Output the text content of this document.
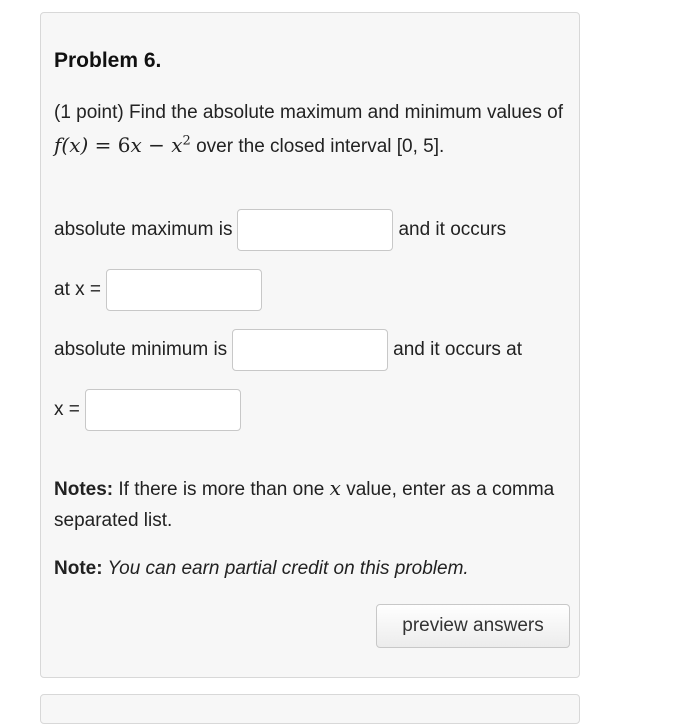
Problem 6.
(1 point) Find the absolute maximum and minimum values of $f(x) = 6x - x^2$ over the closed interval [0, 5].
absolute maximum is	and it occurs
at x =
absolute minimum is	and it occurs at
x =
Notes: If there is more than one x value, enter as a comma separated list.
Note: You can earn partial credit on this problem.
preview answers
